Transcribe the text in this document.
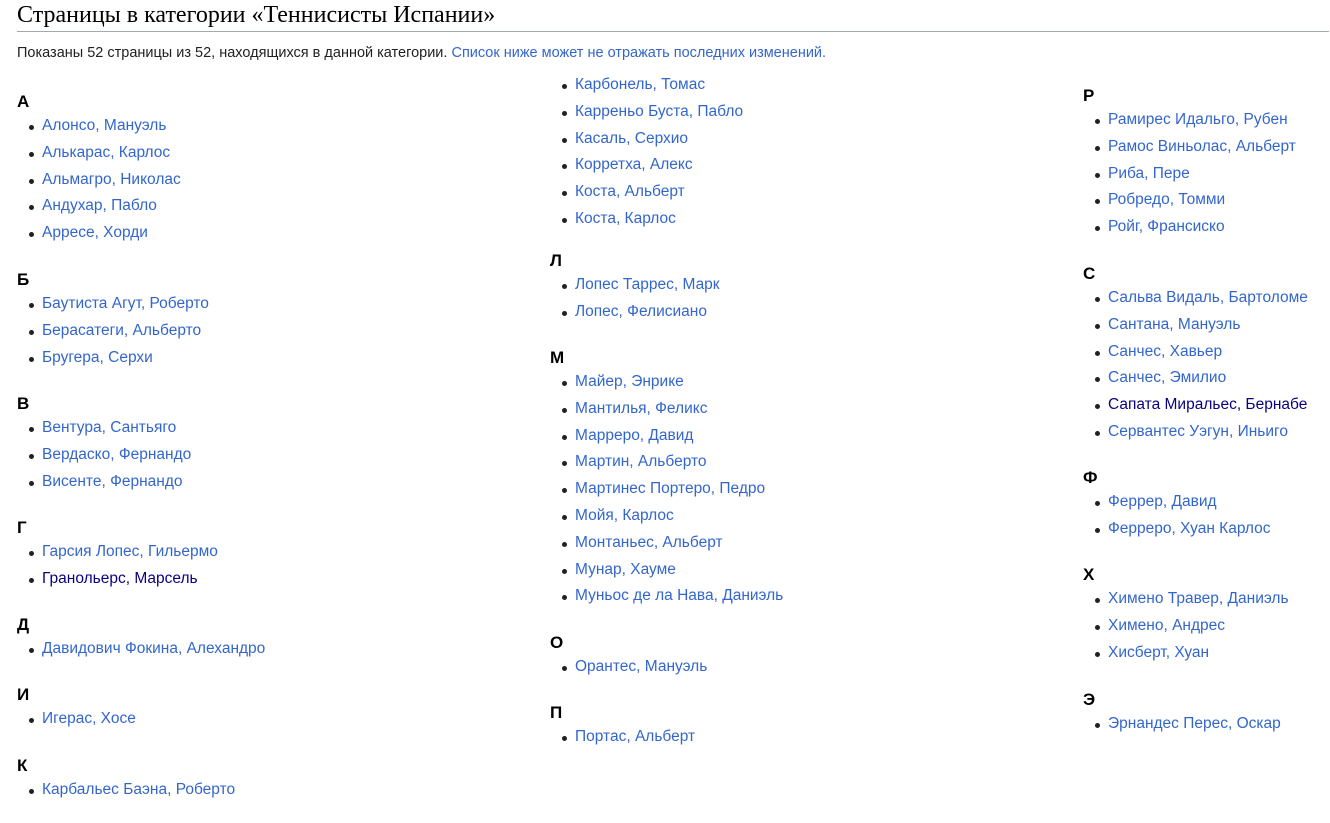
Страницы в категории «Теннисисты Испании»
Показаны 52 страницы из 52, находящихся в данной категории. Список ниже может не отражать последних изменений.
А
Алонсо, Мануэль
Алькарас, Карлос
Альмагро, Николас
Андухар, Пабло
Арресе, Хорди
Б
Баутиста Агут, Роберто
Берасатеги, Альберто
Бругера, Серхи
В
Вентура, Сантьяго
Вердаско, Фернандо
Висенте, Фернандо
Г
Гарсия Лопес, Гильермо
Гранольерс, Марсель
Д
Давидович Фокина, Алехандро
И
Игерас, Хосе
К
Карбальес Баэна, Роберто
Карбонель, Томас
Карреньо Буста, Пабло
Касаль, Серхио
Корретха, Алекс
Коста, Альберт
Коста, Карлос
Л
Лопес Таррес, Марк
Лопес, Фелисиано
М
Майер, Энрике
Мантилья, Феликс
Марреро, Давид
Мартин, Альберто
Мартинес Портеро, Педро
Мойя, Карлос
Монтаньес, Альберт
Мунар, Хауме
Муньос де ла Нава, Даниэль
О
Орантес, Мануэль
П
Портас, Альберт
Р
Рамирес Идальго, Рубен
Рамос Виньолас, Альберт
Риба, Пере
Робредо, Томми
Ройг, Франсиско
С
Сальва Видаль, Бартоломе
Сантана, Мануэль
Санчес, Хавьер
Санчес, Эмилио
Сапата Миральес, Бернабе
Сервантес Уэгун, Иньиго
Ф
Феррер, Давид
Ферреро, Хуан Карлос
Х
Химено Травер, Даниэль
Химено, Андрес
Хисберт, Хуан
Э
Эрнандес Перес, Оскар
